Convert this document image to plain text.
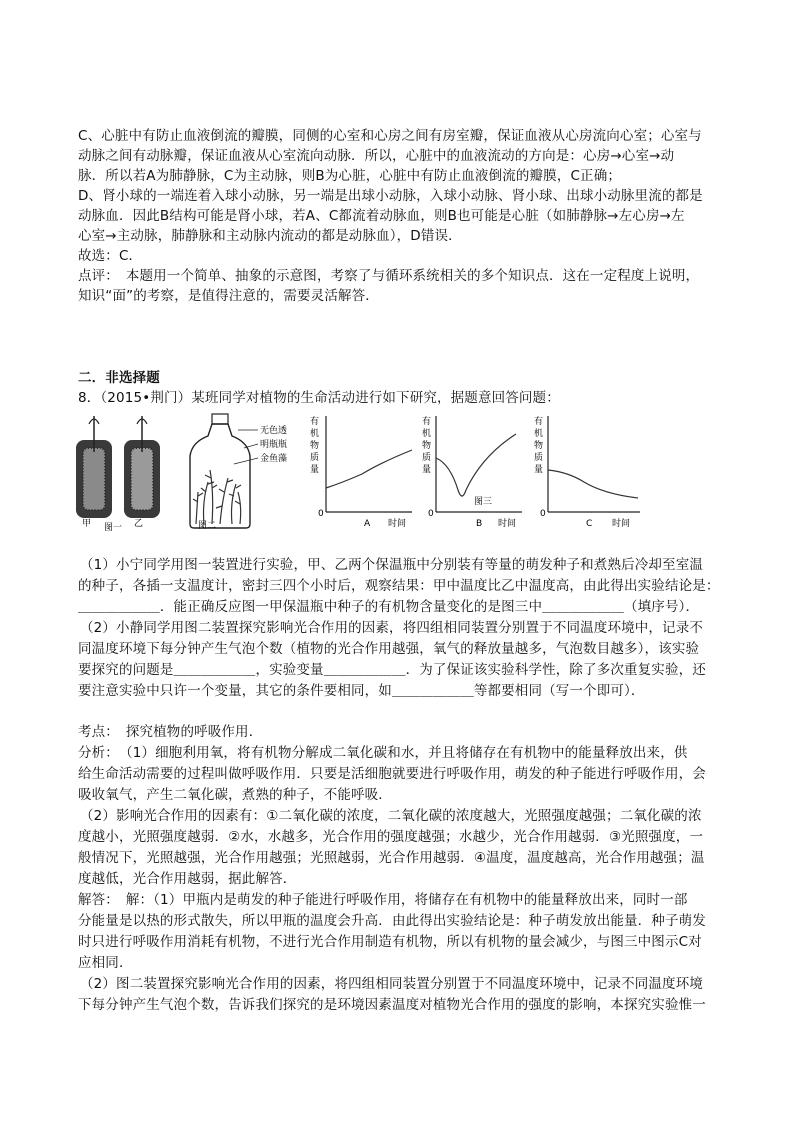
C、心脏中有防止血液倒流的瓣膜，同侧的心室和心房之间有房室瓣，保证血液从心房流向心室；心室与
动脉之间有动脉瓣，保证血液从心室流向动脉．所以，心脏中的血液流动的方向是：心房→心室→动
脉．所以若A为肺静脉，C为主动脉，则B为心脏，心脏中有防止血液倒流的瓣膜，C正确；
D、肾小球的一端连着入球小动脉，另一端是出球小动脉，入球小动脉、肾小球、出球小动脉里流的都是
动脉血．因此B结构可能是肾小球，若A、C都流着动脉血，则B也可能是心脏（如肺静脉→左心房→左
心室→主动脉，肺静脉和主动脉内流动的都是动脉血），D错误．
故选：C．
点评：　本题用一个简单、抽象的示意图，考察了与循环系统相关的多个知识点．这在一定程度上说明，
知识“面”的考察，是值得注意的，需要灵活解答．
二．非选择题
8．（2015•荆门）某班同学对植物的生命活动进行如下研究，据题意回答问题：
甲 图一 乙
无色透
明瓶瓶
金鱼藻
图二
有
机
物
质
量
0
A 时间
有
机
物
质
量
0
B 时间
有
机
物
质
量
0
C 时间
图三
（1）小宁同学用图一装置进行实验，甲、乙两个保温瓶中分别装有等量的萌发种子和煮熟后冷却至室温
的种子，各插一支温度计，密封三四个小时后，观察结果：甲中温度比乙中温度高，由此得出实验结论是：
＿＿＿＿＿＿．能正确反应图一甲保温瓶中种子的有机物含量变化的是图三中＿＿＿＿＿＿（填序号）．
（2）小静同学用图二装置探究影响光合作用的因素，将四组相同装置分别置于不同温度环境中，记录不
同温度环境下每分钟产生气泡个数（植物的光合作用越强，氧气的释放量越多，气泡数目越多），该实验
要探究的问题是＿＿＿＿＿＿，实验变量＿＿＿＿＿＿．为了保证该实验科学性，除了多次重复实验，还
要注意实验中只许一个变量，其它的条件要相同，如＿＿＿＿＿＿等都要相同（写一个即可）．
考点：　探究植物的呼吸作用．
分析：　（1）细胞利用氧，将有机物分解成二氧化碳和水，并且将储存在有机物中的能量释放出来，供
给生命活动需要的过程叫做呼吸作用．只要是活细胞就要进行呼吸作用，萌发的种子能进行呼吸作用，会
吸收氧气，产生二氧化碳，煮熟的种子，不能呼吸．
（2）影响光合作用的因素有：①二氧化碳的浓度，二氧化碳的浓度越大，光照强度越强；二氧化碳的浓
度越小，光照强度越弱．②水，水越多，光合作用的强度越强；水越少，光合作用越弱．③光照强度，一
般情况下，光照越强，光合作用越强；光照越弱，光合作用越弱．④温度，温度越高，光合作用越强；温
度越低，光合作用越弱，据此解答．
解答：　解：（1）甲瓶内是萌发的种子能进行呼吸作用，将储存在有机物中的能量释放出来，同时一部
分能量是以热的形式散失，所以甲瓶的温度会升高．由此得出实验结论是：种子萌发放出能量．种子萌发
时只进行呼吸作用消耗有机物，不进行光合作用制造有机物，所以有机物的量会减少，与图三中图示C对
应相同．
（2）图二装置探究影响光合作用的因素，将四组相同装置分别置于不同温度环境中，记录不同温度环境
下每分钟产生气泡个数，告诉我们探究的是环境因素温度对植物光合作用的强度的影响，本探究实验惟一
